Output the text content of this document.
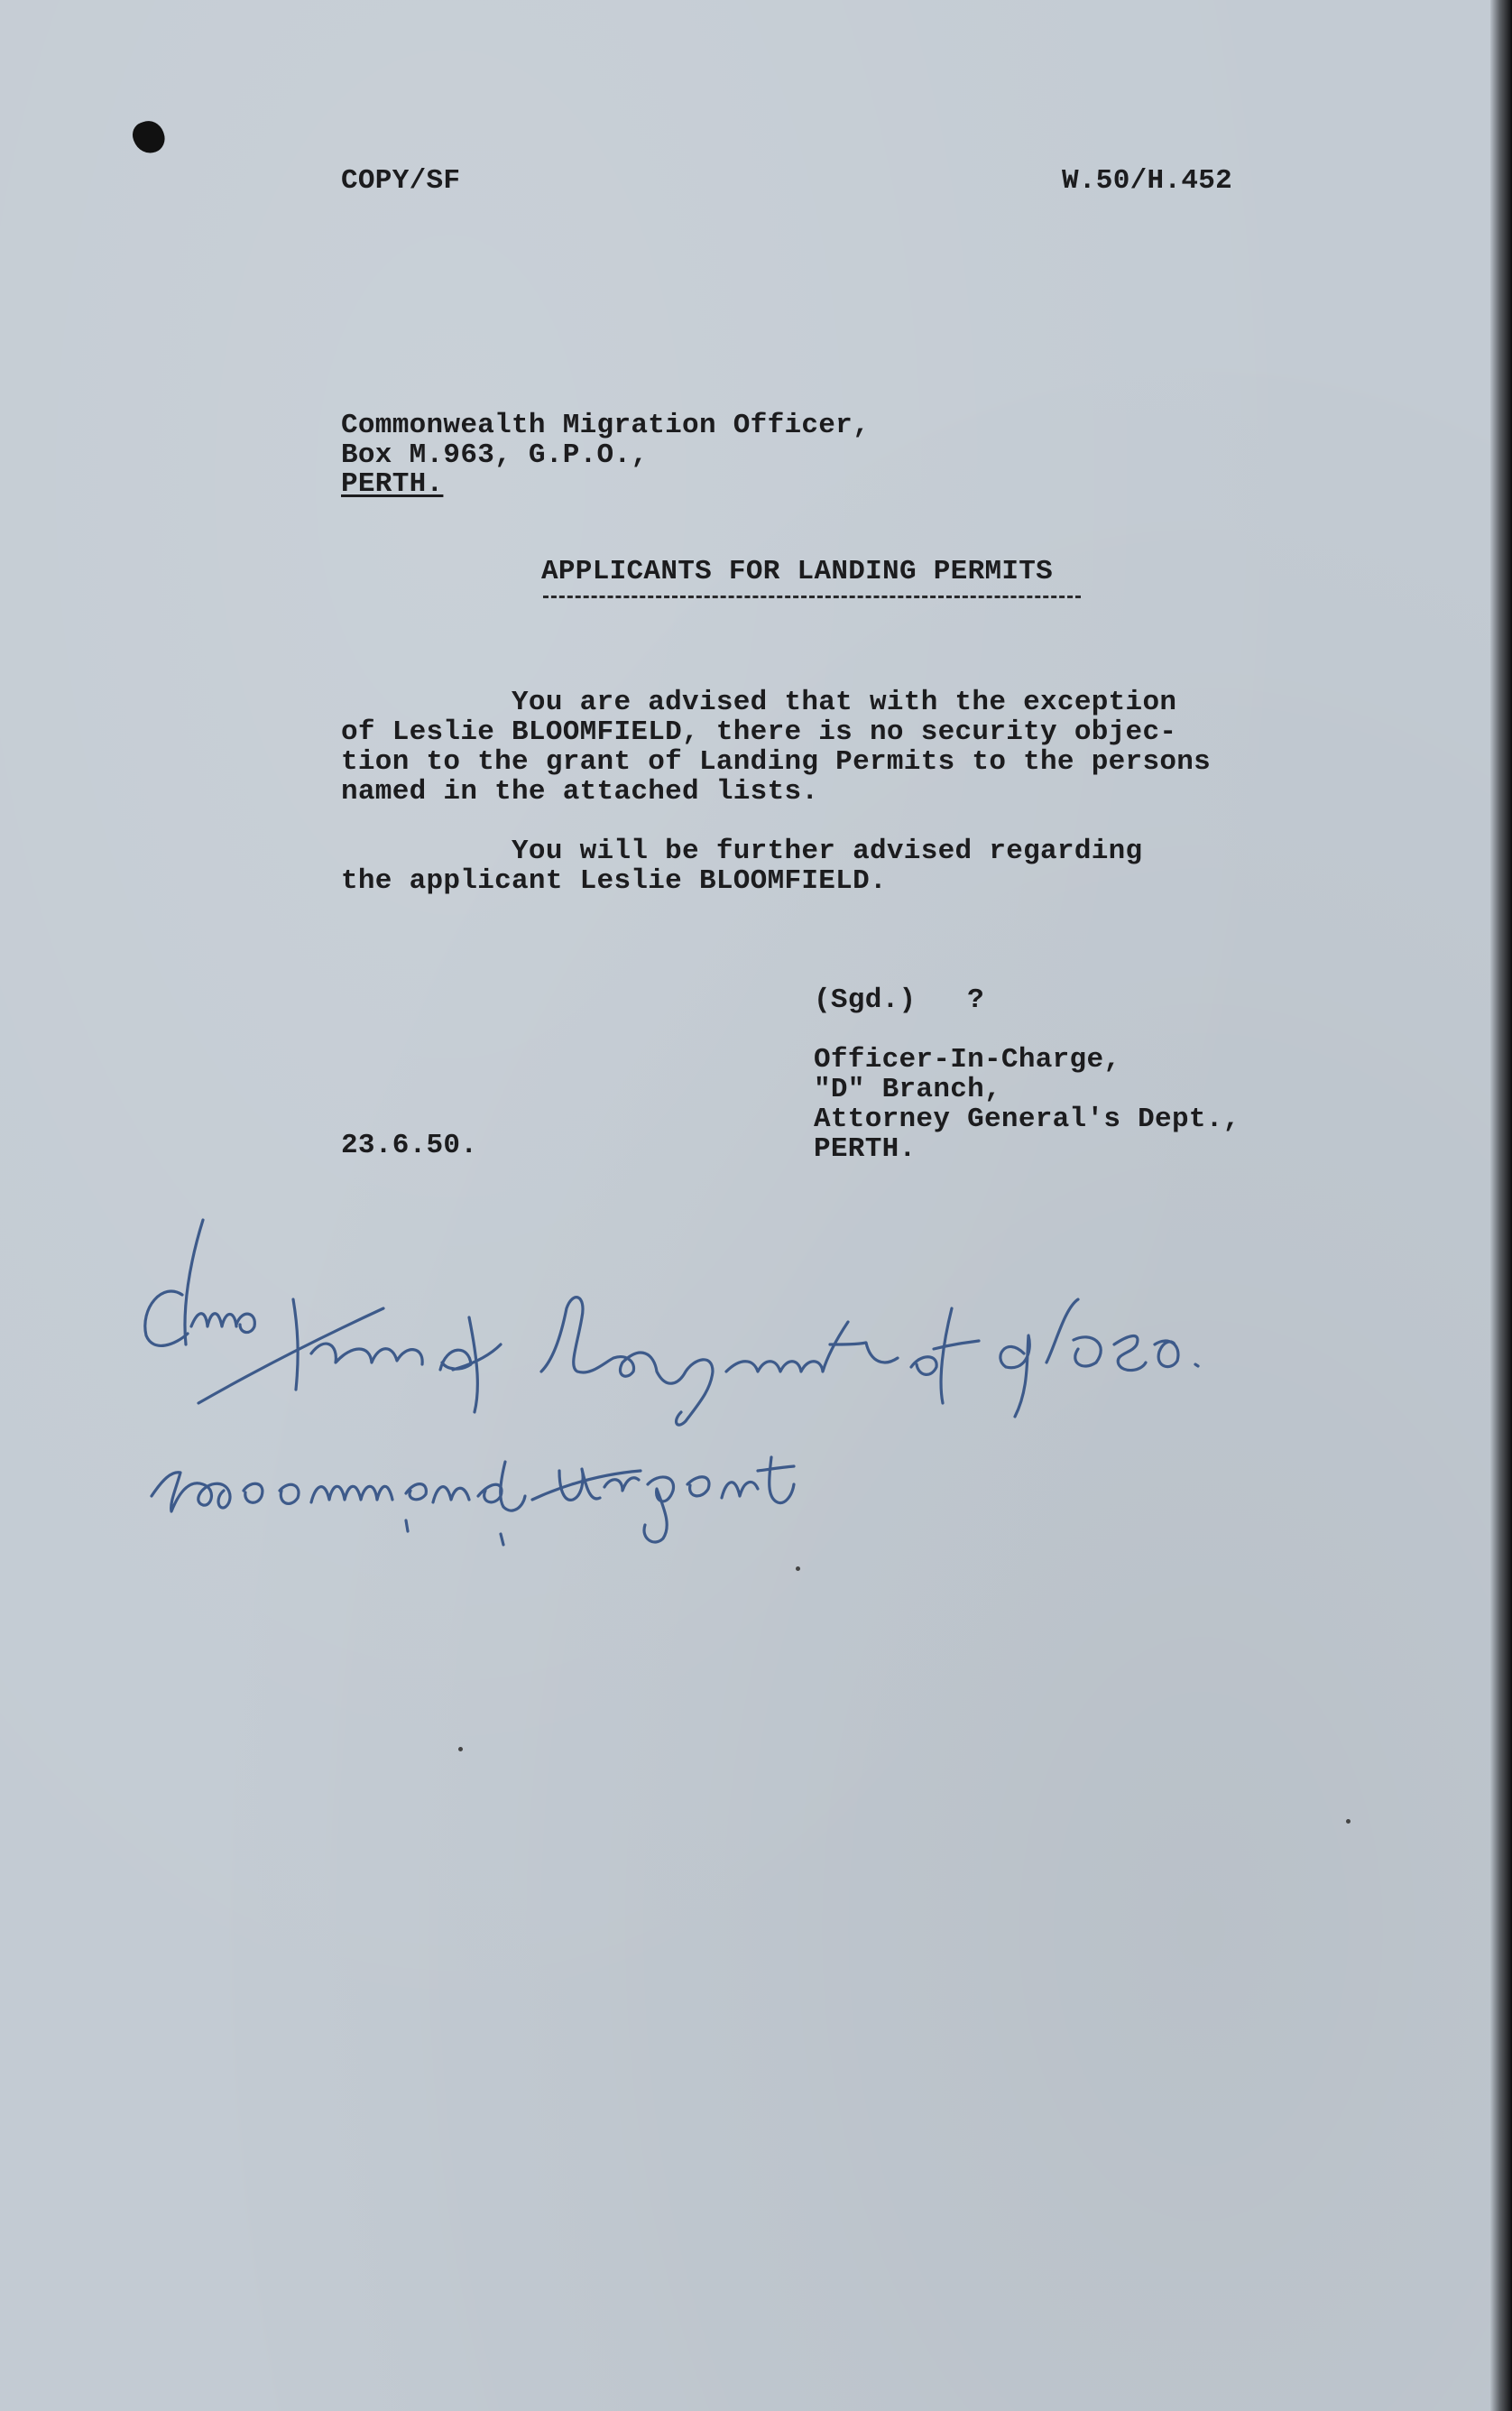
COPY/SF	W.50/H.452
Commonwealth Migration Officer,
Box M.963, G.P.O.,
PERTH.
APPLICANTS FOR LANDING PERMITS
You are advised that with the exception
of Leslie BLOOMFIELD, there is no security objec-
tion to the grant of Landing Permits to the persons
named in the attached lists.
You will be further advised regarding
the applicant Leslie BLOOMFIELD.
(Sgd.)   ?
Officer-In-Charge,
"D" Branch,
Attorney General's Dept.,
PERTH.
23.6.50.
